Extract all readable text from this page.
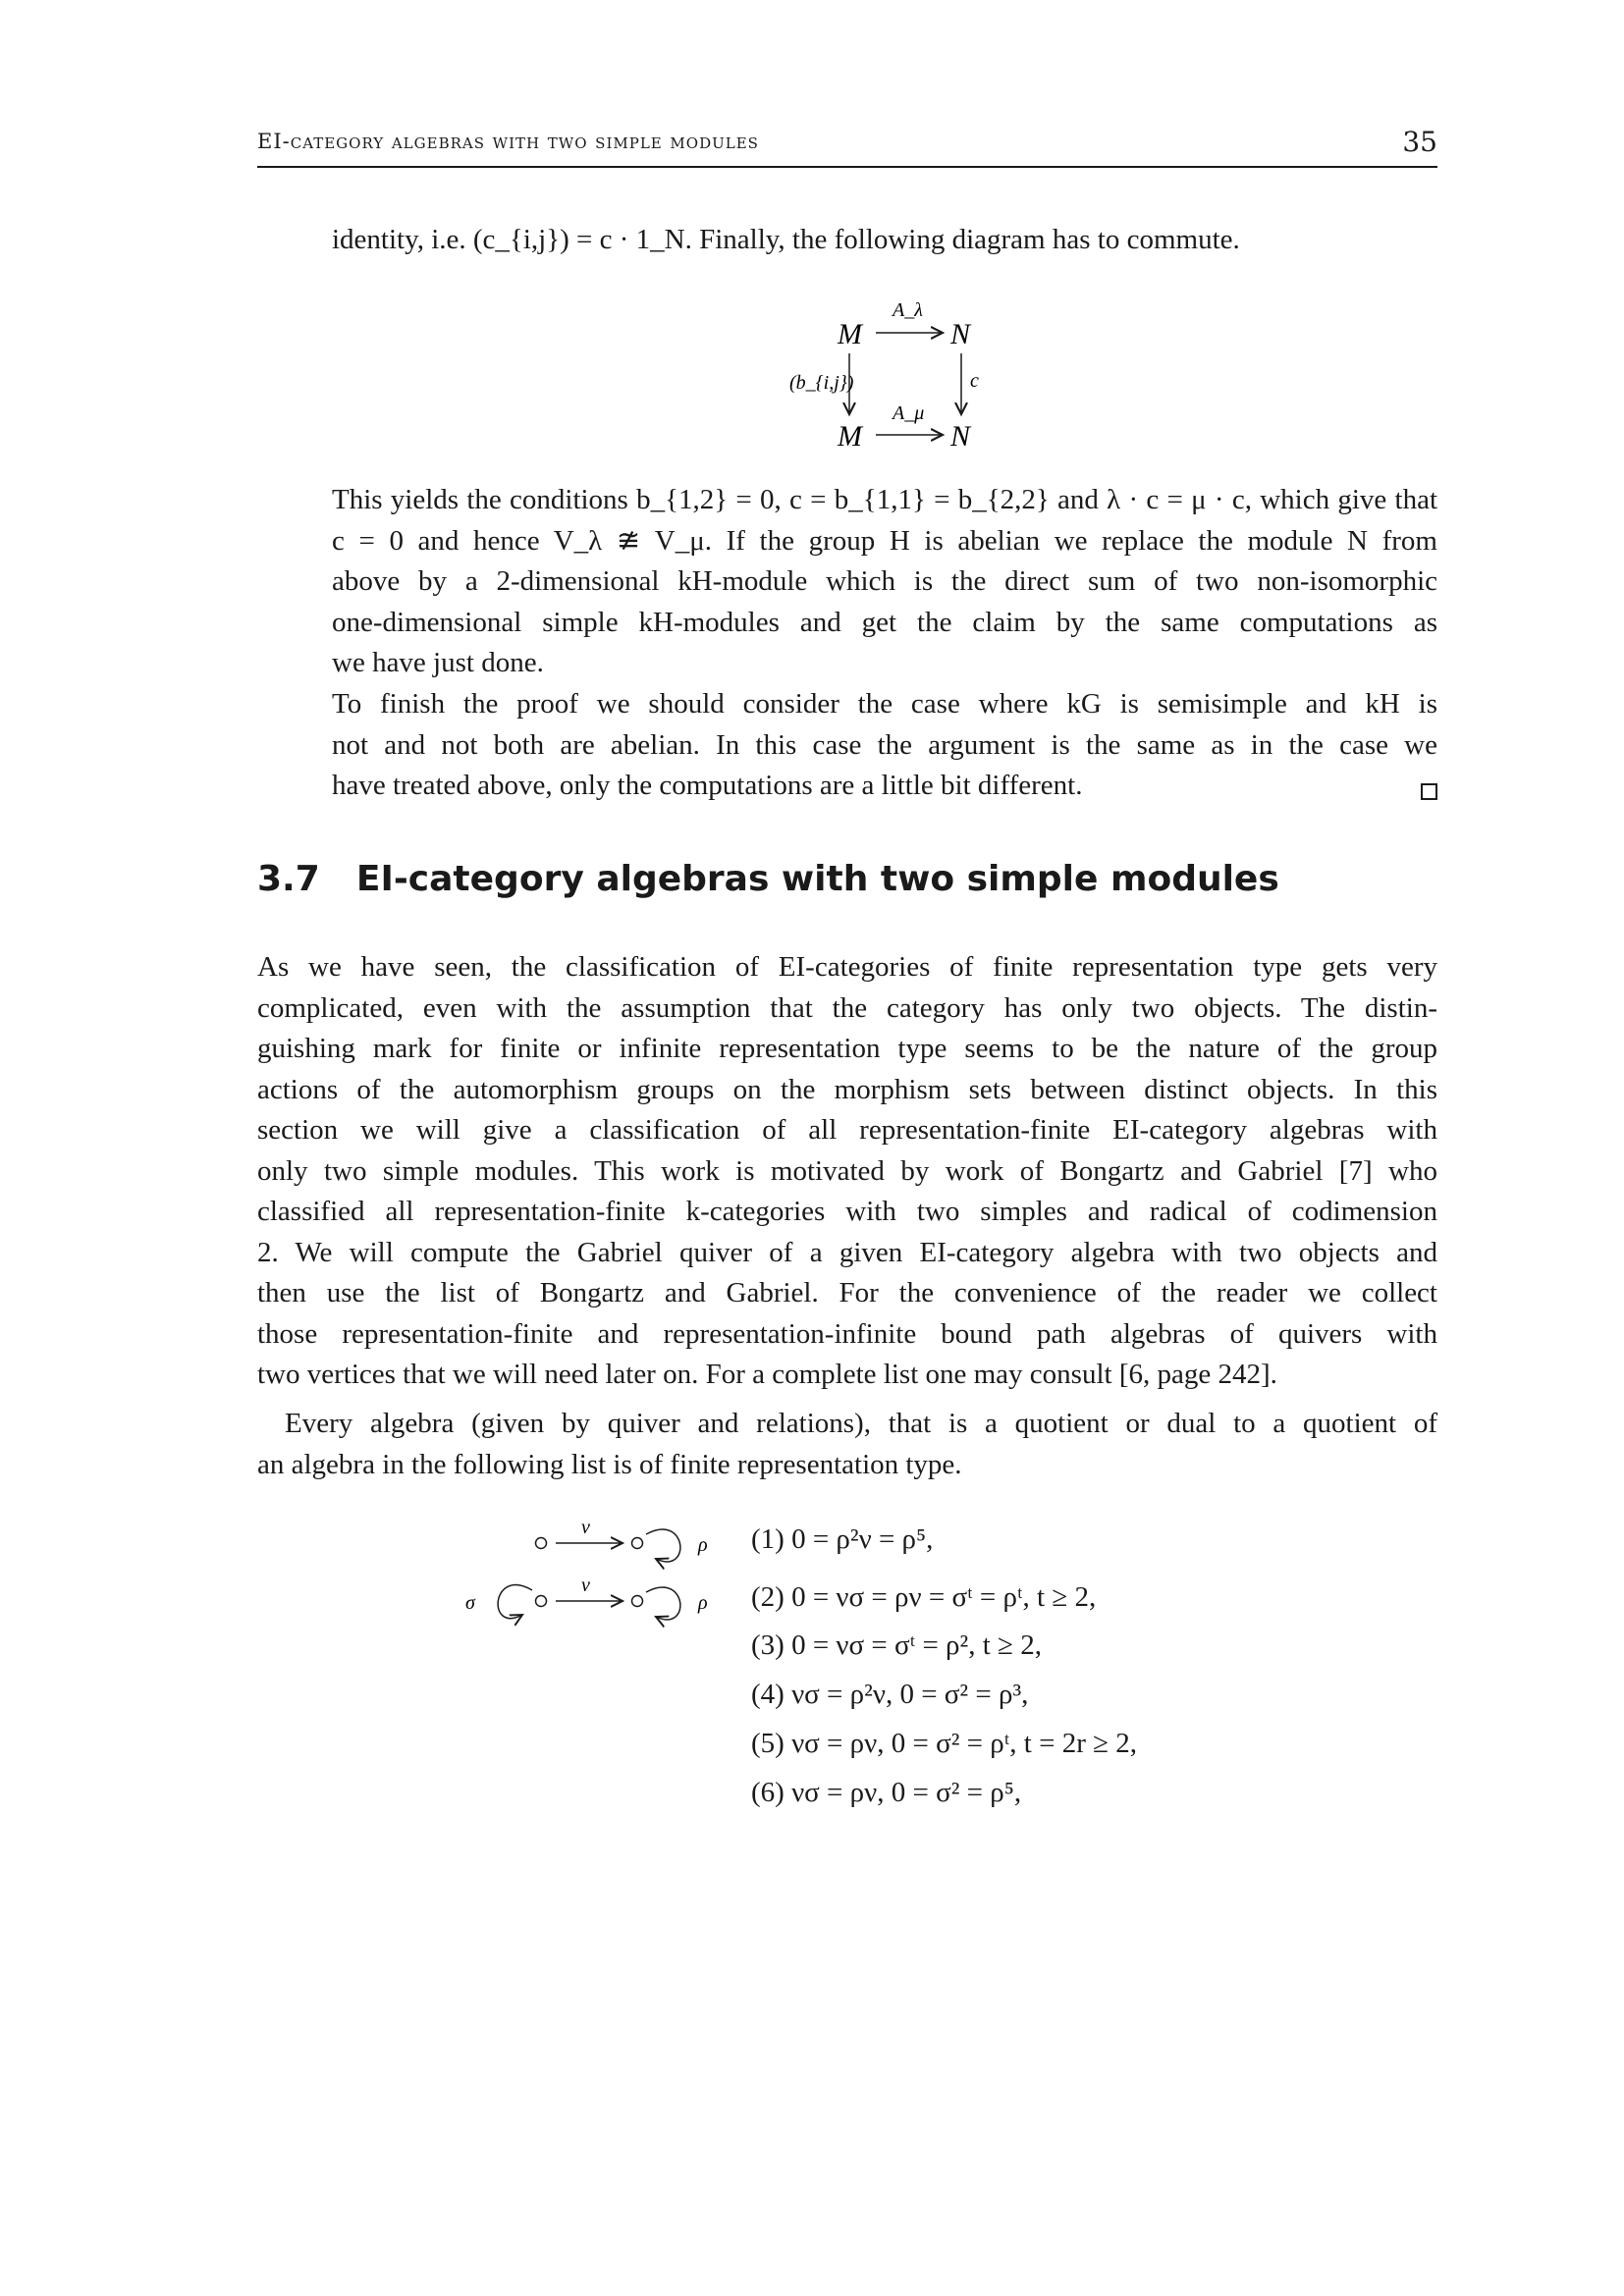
EI-category algebras with two simple modules	35
identity, i.e. (c_{i,j}) = c · 1_N. Finally, the following diagram has to commute.
M	N
M	N
A_λ
A_μ
(b_{i,j})	c
This yields the conditions b_{1,2} = 0, c = b_{1,1} = b_{2,2} and λ · c = μ · c, which give that
c = 0 and hence V_λ ≇ V_μ. If the group H is abelian we replace the module N from
above by a 2-dimensional kH-module which is the direct sum of two non-isomorphic
one-dimensional simple kH-modules and get the claim by the same computations as
we have just done.
To finish the proof we should consider the case where kG is semisimple and kH is
not and not both are abelian. In this case the argument is the same as in the case we
have treated above, only the computations are a little bit different.
3.7 EI-category algebras with two simple modules
As we have seen, the classification of EI-categories of finite representation type gets very
complicated, even with the assumption that the category has only two objects. The distin-
guishing mark for finite or infinite representation type seems to be the nature of the group
actions of the automorphism groups on the morphism sets between distinct objects. In this
section we will give a classification of all representation-finite EI-category algebras with
only two simple modules. This work is motivated by work of Bongartz and Gabriel [7] who
classified all representation-finite k-categories with two simples and radical of codimension
2. We will compute the Gabriel quiver of a given EI-category algebra with two objects and
then use the list of Bongartz and Gabriel. For the convenience of the reader we collect
those representation-finite and representation-infinite bound path algebras of quivers with
two vertices that we will need later on. For a complete list one may consult [6, page 242].
Every algebra (given by quiver and relations), that is a quotient or dual to a quotient of
an algebra in the following list is of finite representation type.
ν
ρ
σ
ν
ρ
(1) 0 = ρ²ν = ρ⁵,
(2) 0 = νσ = ρν = σᵗ = ρᵗ, t ≥ 2,
(3) 0 = νσ = σᵗ = ρ², t ≥ 2,
(4) νσ = ρ²ν, 0 = σ² = ρ³,
(5) νσ = ρν, 0 = σ² = ρᵗ, t = 2r ≥ 2,
(6) νσ = ρν, 0 = σ² = ρ⁵,
